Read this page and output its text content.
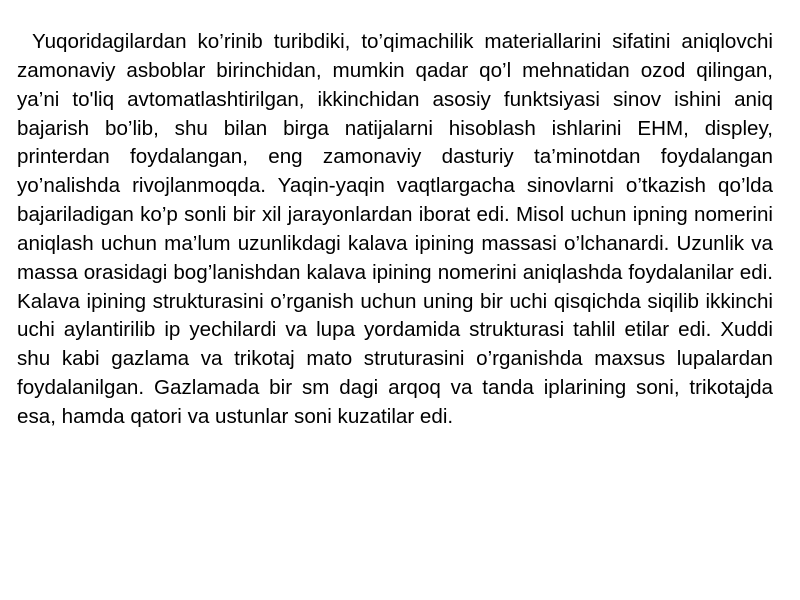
Yuqoridagilardan ko’rinib turibdiki, to’qimachilik materiallarini sifatini aniqlovchi zamonaviy asboblar birinchidan, mumkin qadar qo’l mehnatidan ozod qilingan, ya’ni to'liq avtomatlashtirilgan, ikkinchidan asosiy funktsiyasi sinov ishini aniq bajarish bo’lib, shu bilan birga natijalarni hisoblash ishlarini EHM, displey, printerdan foydalangan, eng zamonaviy dasturiy ta’minotdan foydalangan yo’nalishda rivojlanmoqda. Yaqin-yaqin vaqtlargacha sinovlarni o’tkazish qo’lda bajariladigan ko’p sonli bir xil jarayonlardan iborat edi. Misol uchun ipning nomerini aniqlash uchun ma’lum uzunlikdagi kalava ipining massasi o’lchanardi. Uzunlik va massa orasidagi bog’lanishdan kalava ipining nomerini aniqlashda foydalanilar edi. Kalava ipining strukturasini o’rganish uchun uning bir uchi qisqichda siqilib ikkinchi uchi aylantirilib ip yechilardi va lupa yordamida strukturasi tahlil etilar edi. Xuddi shu kabi gazlama va trikotaj mato struturasini o’rganishda maxsus lupalardan foydalanilgan. Gazlamada bir sm dagi arqoq va tanda iplarining soni, trikotajda esa, hamda qatori va ustunlar soni kuzatilar edi.
